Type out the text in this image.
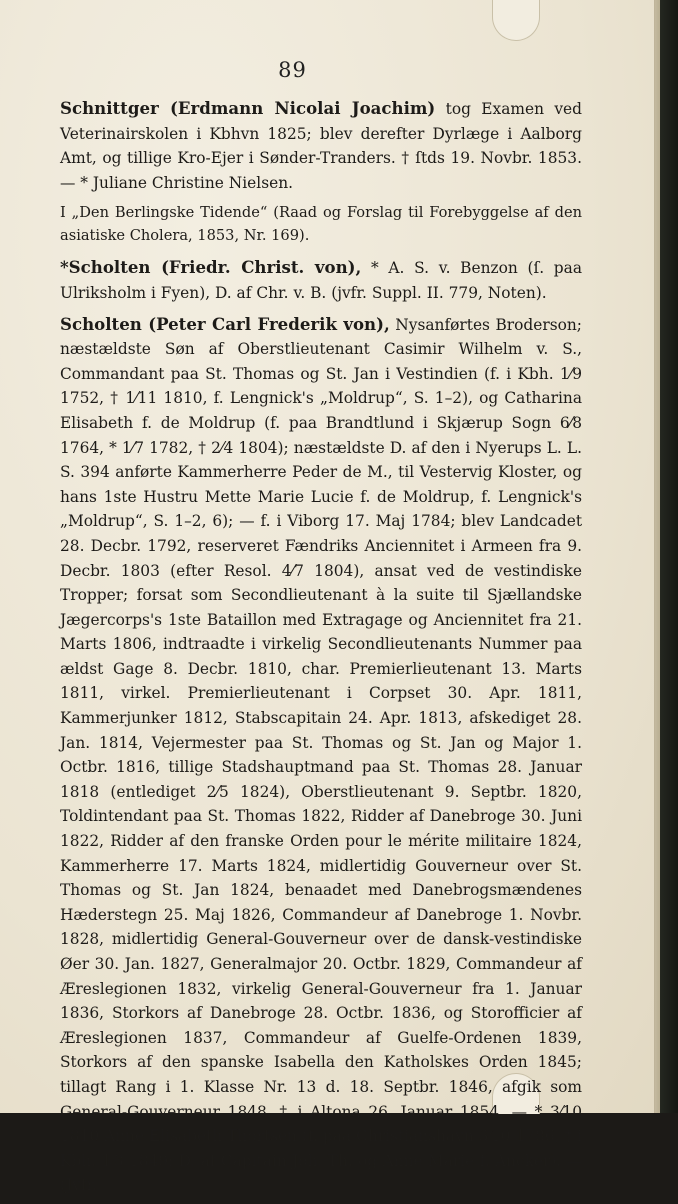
89

Schnittger (Erdmann Nicolai Joachim) tog Examen ved Veterinairskolen i Kbhvn 1825; blev derefter Dyrlæge i Aalborg Amt, og tillige Kro-Ejer i Sønder-Tranders. † ſtds 19. Novbr. 1853. — * Juliane Christine Nielsen.

I „Den Berlingske Tidende“ (Raad og Forslag til Forebyggelse af den asiatiske Cholera, 1853, Nr. 169).

*Scholten (Friedr. Christ. von), * A. S. v. Benzon (ſ. paa Ulriksholm i Fyen), D. af Chr. v. B. (jvfr. Suppl. II. 779, Noten).

Scholten (Peter Carl Frederik von), Nysanførtes Broderson; næstældste Søn af Oberstlieutenant Casimir Wilhelm v. S., Commandant paa St. Thomas og St. Jan i Vestindien (f. i Kbh. 1⁄9 1752, † 1⁄11 1810, f. Lengnick's „Moldrup“, S. 1–2), og Catharina Elisabeth f. de Moldrup (f. paa Brandtlund i Skjærup Sogn 6⁄8 1764, * 1⁄7 1782, † 2⁄4 1804); næstældste D. af den i Nyerups L. L. S. 394 anførte Kammerherre Peder de M., til Vestervig Kloster, og hans 1ste Hustru Mette Marie Lucie f. de Moldrup, f. Lengnick's „Moldrup“, S. 1–2, 6); — f. i Viborg 17. Maj 1784; blev Landcadet 28. Decbr. 1792, reserveret Fændriks Anciennitet i Armeen fra 9. Decbr. 1803 (efter Resol. 4⁄7 1804), ansat ved de vestindiske Tropper; forsat som Secondlieutenant à la suite til Sjællandske Jægercorps's 1ste Bataillon med Extragage og Anciennitet fra 21. Marts 1806, indtraadte i virkelig Secondlieutenants Nummer paa ældst Gage 8. Decbr. 1810, char. Premierlieutenant 13. Marts 1811, virkel. Premierlieutenant i Corpset 30. Apr. 1811, Kammerjunker 1812, Stabscapitain 24. Apr. 1813, afskediget 28. Jan. 1814, Vejermester paa St. Thomas og St. Jan og Major 1. Octbr. 1816, tillige Stadshauptmand paa St. Thomas 28. Januar 1818 (entlediget 2⁄5 1824), Oberstlieutenant 9. Septbr. 1820, Toldintendant paa St. Thomas 1822, Ridder af Danebroge 30. Juni 1822, Ridder af den franske Orden pour le mérite militaire 1824, Kammerherre 17. Marts 1824, midlertidig Gouverneur over St. Thomas og St. Jan 1824, benaadet med Danebrogsmændenes Hæderstegn 25. Maj 1826, Commandeur af Danebroge 1. Novbr. 1828, midlertidig General-Gouverneur over de dansk-vestindiske Øer 30. Jan. 1827, Generalmajor 20. Octbr. 1829, Commandeur af Æreslegionen 1832, virkelig General-Gouverneur fra 1. Januar 1836, Storkors af Danebroge 28. Octbr. 1836, og Storofficier af Æreslegionen 1837, Commandeur af Guelfe-Ordenen 1839, Storkors af den spanske Isabella den Katholskes Orden 1845; tillagt Rang i 1. Klasse Nr. 13 d. 18. Septbr. 1846, afgik som General-Gouverneur 1848. † i Altona 26. Januar 1854. — * 3⁄10 1810 Anne Elisabeth Thortsen (f. paa Christianshavn 3⁄10 1786, † i Kbh. 1⁄3 1849; D. af Capitain Joh. Th. og Anne Marie f. Ancker). — (Jvfr.
